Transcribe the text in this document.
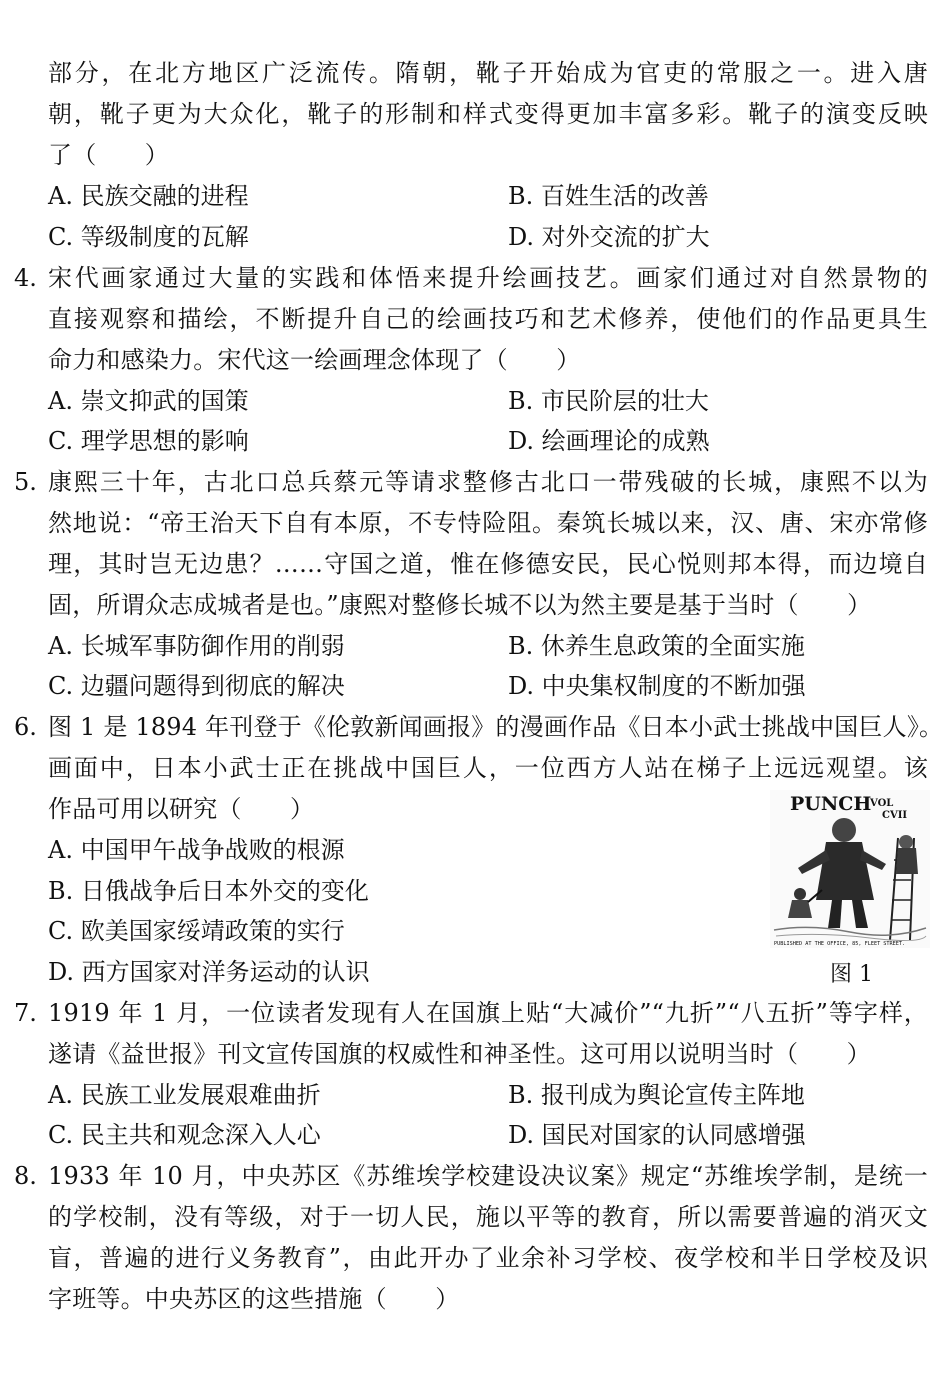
部分，在北方地区广泛流传。隋朝，靴子开始成为官吏的常服之一。进入唐
朝，靴子更为大众化，靴子的形制和样式变得更加丰富多彩。靴子的演变反映
了（　　）
A. 民族交融的进程	B. 百姓生活的改善
C. 等级制度的瓦解	D. 对外交流的扩大
4. 宋代画家通过大量的实践和体悟来提升绘画技艺。画家们通过对自然景物的
直接观察和描绘，不断提升自己的绘画技巧和艺术修养，使他们的作品更具生
命力和感染力。宋代这一绘画理念体现了（　　）
A. 崇文抑武的国策	B. 市民阶层的壮大
C. 理学思想的影响	D. 绘画理论的成熟
5. 康熙三十年，古北口总兵蔡元等请求整修古北口一带残破的长城，康熙不以为
然地说：“帝王治天下自有本原，不专恃险阻。秦筑长城以来，汉、唐、宋亦常修
理，其时岂无边患？……守国之道，惟在修德安民，民心悦则邦本得，而边境自
固，所谓众志成城者是也。”康熙对整修长城不以为然主要是基于当时（　　）
A. 长城军事防御作用的削弱	B. 休养生息政策的全面实施
C. 边疆问题得到彻底的解决	D. 中央集权制度的不断加强
6. 图 1 是 1894 年刊登于《伦敦新闻画报》的漫画作品《日本小武士挑战中国巨人》。
画面中，日本小武士正在挑战中国巨人，一位西方人站在梯子上远远观望。该
作品可用以研究（　　）
A. 中国甲午战争战败的根源
B. 日俄战争后日本外交的变化
C. 欧美国家绥靖政策的实行
D. 西方国家对洋务运动的认识
PUNCH
VOL
CVII
PUBLISHED AT THE OFFICE, 85, FLEET STREET.
图 1
7. 1919 年 1 月，一位读者发现有人在国旗上贴“大减价”“九折”“八五折”等字样，
遂请《益世报》刊文宣传国旗的权威性和神圣性。这可用以说明当时（　　）
A. 民族工业发展艰难曲折	B. 报刊成为舆论宣传主阵地
C. 民主共和观念深入人心	D. 国民对国家的认同感增强
8. 1933 年 10 月，中央苏区《苏维埃学校建设决议案》规定“苏维埃学制，是统一
的学校制，没有等级，对于一切人民，施以平等的教育，所以需要普遍的消灭文
盲，普遍的进行义务教育”，由此开办了业余补习学校、夜学校和半日学校及识
字班等。中央苏区的这些措施（　　）
